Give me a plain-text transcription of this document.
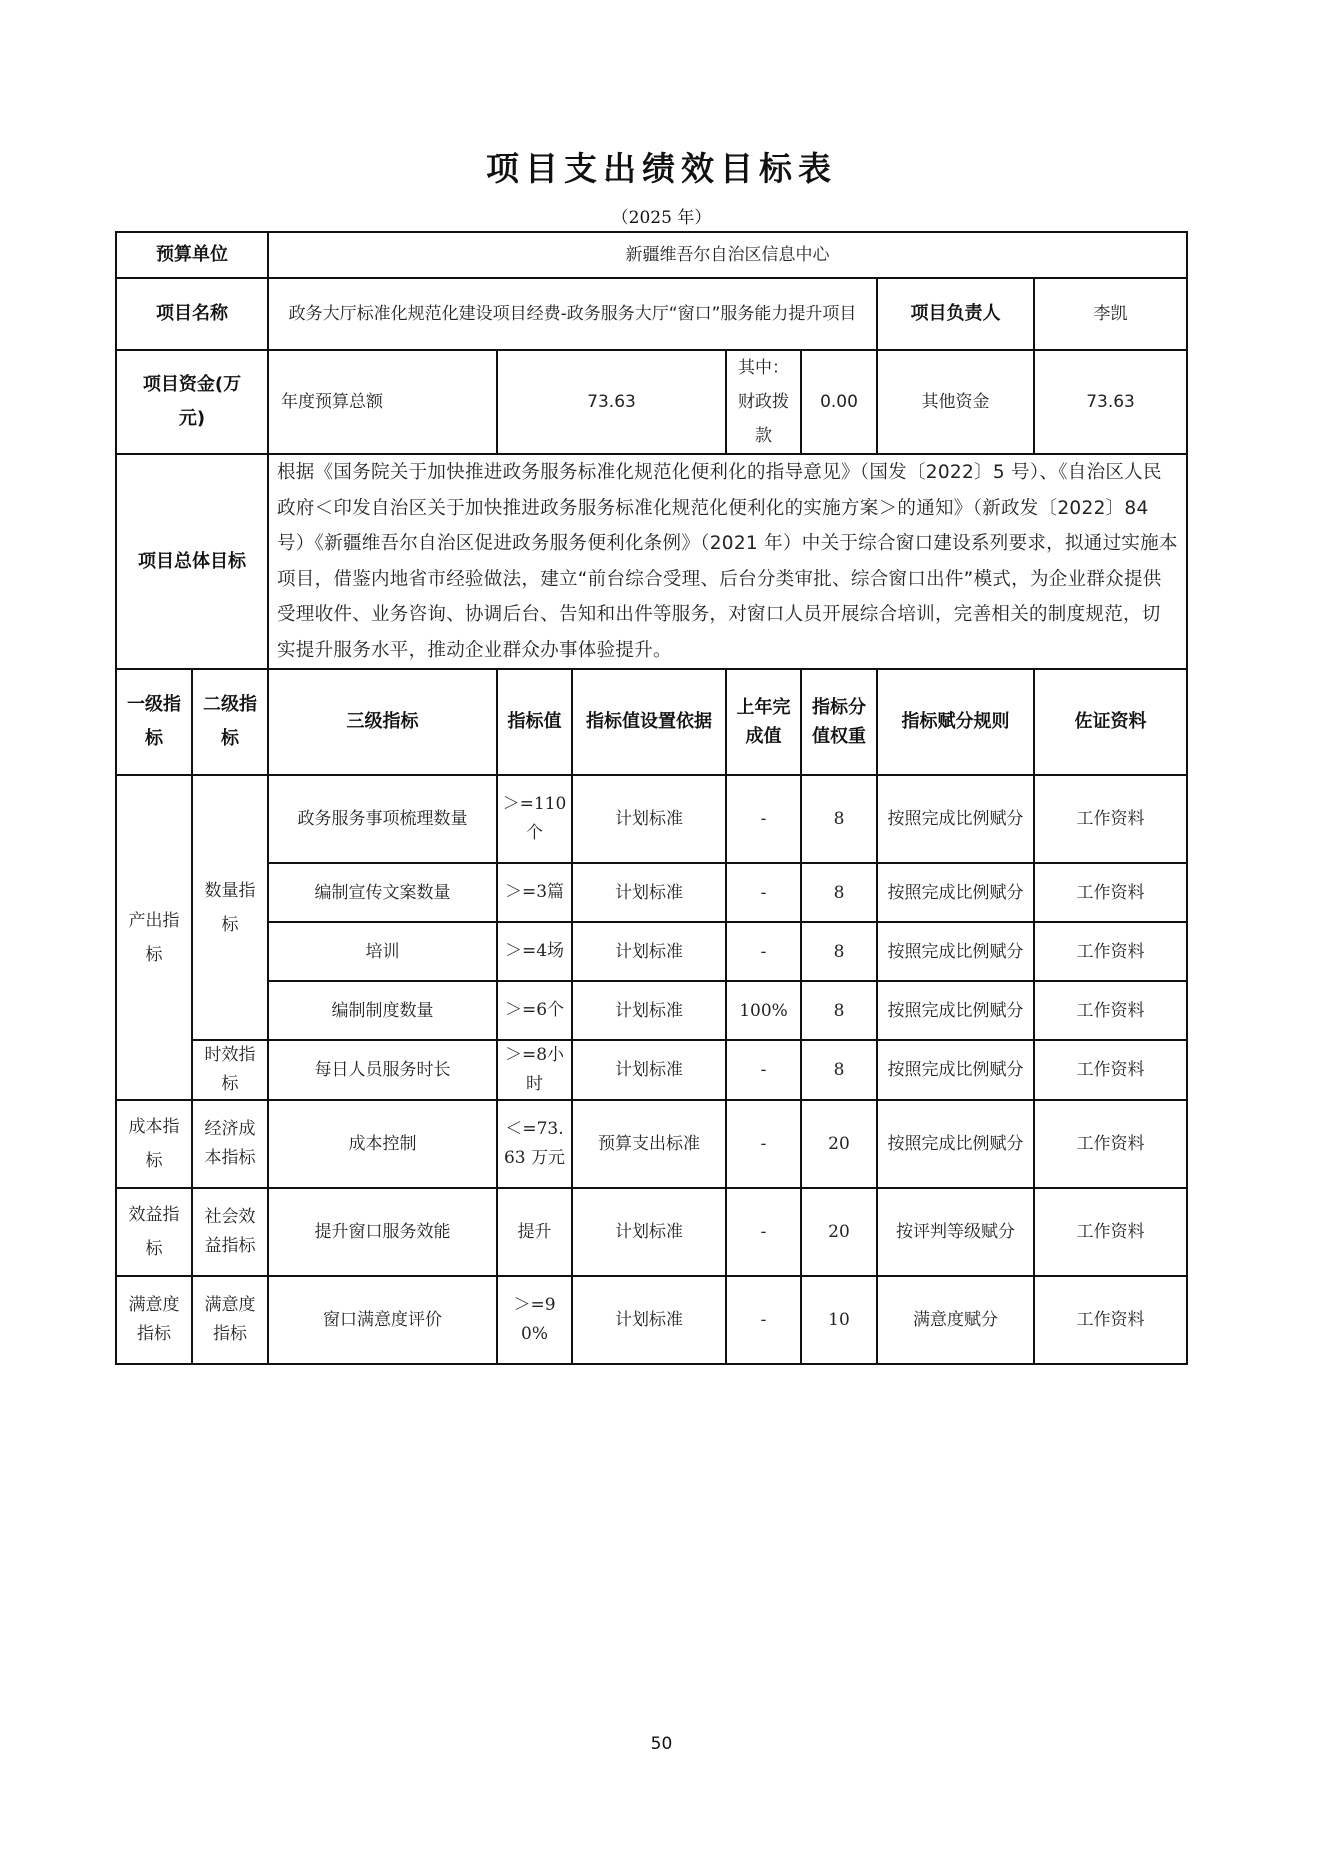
项目支出绩效目标表
（2025 年）
预算单位		新疆维吾尔自治区信息中心						
项目名称		政务大厅标准化规范化建设项目经费-政务服务大厅“窗口”服务能力提升项目					项目负责人	李凯
项目资金(万元)		年度预算总额	73.63		其中：财政拨款	0.00	其他资金	73.63
项目总体目标		根据《国务院关于加快推进政务服务标准化规范化便利化的指导意见》（国发〔2022〕5 号）、《自治区人民政府＜印发自治区关于加快推进政务服务标准化规范化便利化的实施方案＞的通知》（新政发〔2022〕84 号）《新疆维吾尔自治区促进政务服务便利化条例》（2021 年）中关于综合窗口建设系列要求，拟通过实施本项目，借鉴内地省市经验做法，建立“前台综合受理、后台分类审批、综合窗口出件”模式，为企业群众提供受理收件、业务咨询、协调后台、告知和出件等服务，对窗口人员开展综合培训，完善相关的制度规范，切实提升服务水平，推动企业群众办事体验提升。						
一级指标	二级指标	三级指标	指标值	指标值设置依据	上年完成值	指标分值权重	指标赋分规则	佐证资料
产出指标	数量指标	政务服务事项梳理数量	＞=110个	计划标准	-	8	按照完成比例赋分	工作资料
		编制宣传文案数量	＞=3篇	计划标准	-	8	按照完成比例赋分	工作资料
		培训	＞=4场	计划标准	-	8	按照完成比例赋分	工作资料
		编制制度数量	＞=6个	计划标准	100%	8	按照完成比例赋分	工作资料
	时效指标	每日人员服务时长	＞=8小时	计划标准	-	8	按照完成比例赋分	工作资料
成本指标	经济成本指标	成本控制	＜=73.63 万元	预算支出标准	-	20	按照完成比例赋分	工作资料
效益指标	社会效益指标	提升窗口服务效能	提升	计划标准	-	20	按评判等级赋分	工作资料
满意度指标	满意度指标	窗口满意度评价	＞=90%	计划标准	-	10	满意度赋分	工作资料
50
